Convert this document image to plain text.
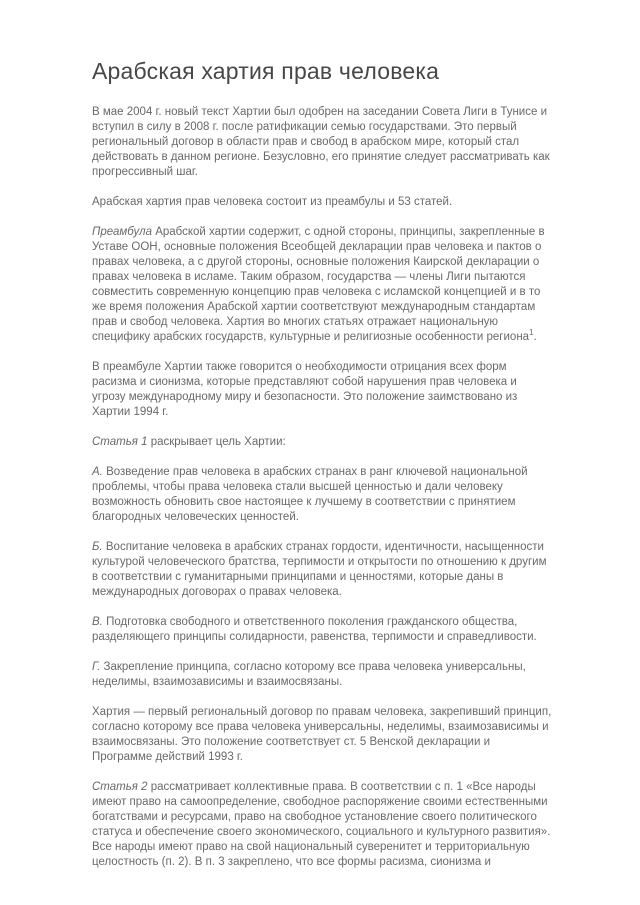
Арабская хартия прав человека

В мае 2004 г. новый текст Хартии был одобрен на заседании Совета Лиги в Тунисе и вступил в силу в 2008 г. после ратификации семью государствами. Это первый региональный договор в области прав и свобод в арабском мире, который стал действовать в данном регионе. Безусловно, его принятие следует рассматривать как прогрессивный шаг.

Арабская хартия прав человека состоит из преамбулы и 53 статей.

Преамбула Арабской хартии содержит, с одной стороны, принципы, закрепленные в Уставе ООН, основные положения Всеобщей декларации прав человека и пактов о правах человека, а с другой стороны, основные положения Каирской декларации о правах человека в исламе. Таким образом, государства — члены Лиги пытаются совместить современную концепцию прав человека с исламской концепцией и в то же время положения Арабской хартии соответствуют международным стандартам прав и свобод человека. Хартия во многих статьях отражает национальную специфику арабских государств, культурные и религиозные особенности региона$^1$.

В преамбуле Хартии также говорится о необходимости отрицания всех форм расизма и сионизма, которые представляют собой нарушения прав человека и угрозу международному миру и безопасности. Это положение заимствовано из Хартии 1994 г.

Статья 1 раскрывает цель Хартии:

А. Возведение прав человека в арабских странах в ранг ключевой национальной проблемы, чтобы права человека стали высшей ценностью и дали человеку возможность обновить свое настоящее к лучшему в соответствии с принятием благородных человеческих ценностей.

Б. Воспитание человека в арабских странах гордости, идентичности, насыщенности культурой человеческого братства, терпимости и открытости по отношению к другим в соответствии с гуманитарными принципами и ценностями, которые даны в международных договорах о правах человека.

В. Подготовка свободного и ответственного поколения гражданского общества, разделяющего принципы солидарности, равенства, терпимости и справедливости.

Г. Закрепление принципа, согласно которому все права человека универсальны, неделимы, взаимозависимы и взаимосвязаны.

Хартия — первый региональный договор по правам человека, закрепивший принцип, согласно которому все права человека универсальны, неделимы, взаимозависимы и взаимосвязаны. Это положение соответствует ст. 5 Венской декларации и Программе действий 1993 г.

Статья 2 рассматривает коллективные права. В соответствии с п. 1 «Все народы имеют право на самоопределение, свободное распоряжение своими естественными богатствами и ресурсами, право на свободное установление своего политического статуса и обеспечение своего экономического, социального и культурного развития». Все народы имеют право на свой национальный суверенитет и территориальную целостность (п. 2). В п. 3 закреплено, что все формы расизма, сионизма и
